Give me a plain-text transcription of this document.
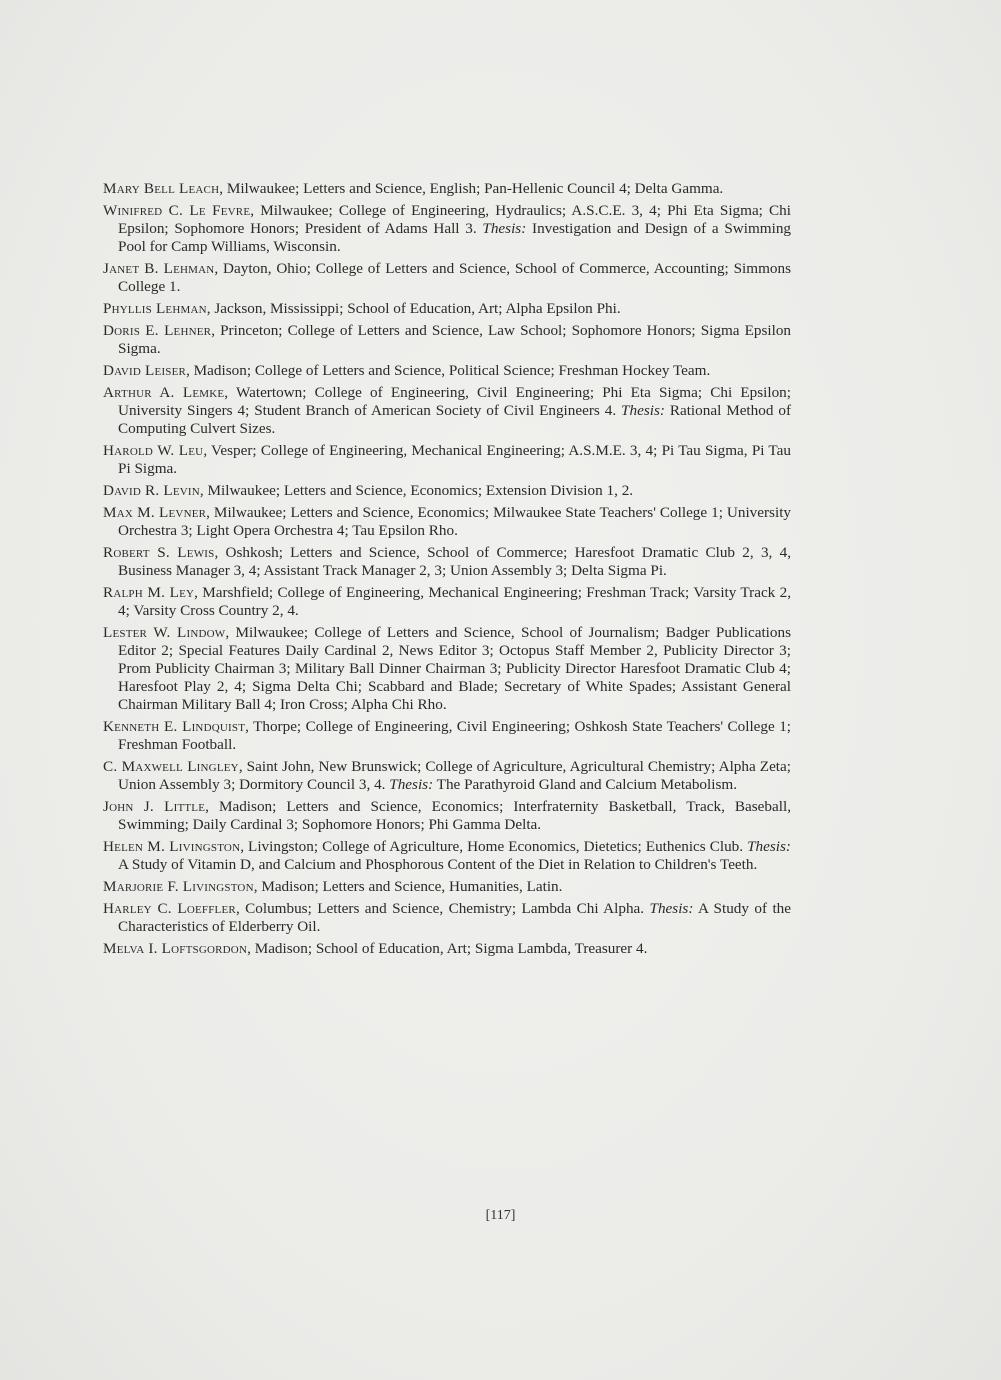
Mary Bell Leach, Milwaukee; Letters and Science, English; Pan-Hellenic Council 4; Delta Gamma.

Winifred C. Le Fevre, Milwaukee; College of Engineering, Hydraulics; A.S.C.E. 3, 4; Phi Eta Sigma; Chi Epsilon; Sophomore Honors; President of Adams Hall 3. Thesis: Investigation and Design of a Swimming Pool for Camp Williams, Wisconsin.

Janet B. Lehman, Dayton, Ohio; College of Letters and Science, School of Commerce, Accounting; Simmons College 1.

Phyllis Lehman, Jackson, Mississippi; School of Education, Art; Alpha Epsilon Phi.

Doris E. Lehner, Princeton; College of Letters and Science, Law School; Sophomore Honors; Sigma Epsilon Sigma.

David Leiser, Madison; College of Letters and Science, Political Science; Freshman Hockey Team.

Arthur A. Lemke, Watertown; College of Engineering, Civil Engineering; Phi Eta Sigma; Chi Epsilon; University Singers 4; Student Branch of American Society of Civil Engineers 4. Thesis: Rational Method of Computing Culvert Sizes.

Harold W. Leu, Vesper; College of Engineering, Mechanical Engineering; A.S.M.E. 3, 4; Pi Tau Sigma, Pi Tau Pi Sigma.

David R. Levin, Milwaukee; Letters and Science, Economics; Extension Division 1, 2.

Max M. Levner, Milwaukee; Letters and Science, Economics; Milwaukee State Teachers' College 1; University Orchestra 3; Light Opera Orchestra 4; Tau Epsilon Rho.

Robert S. Lewis, Oshkosh; Letters and Science, School of Commerce; Haresfoot Dramatic Club 2, 3, 4, Business Manager 3, 4; Assistant Track Manager 2, 3; Union Assembly 3; Delta Sigma Pi.

Ralph M. Ley, Marshfield; College of Engineering, Mechanical Engineering; Freshman Track; Varsity Track 2, 4; Varsity Cross Country 2, 4.

Lester W. Lindow, Milwaukee; College of Letters and Science, School of Journalism; Badger Publications Editor 2; Special Features Daily Cardinal 2, News Editor 3; Octopus Staff Member 2, Publicity Director 3; Prom Publicity Chairman 3; Military Ball Dinner Chairman 3; Publicity Director Haresfoot Dramatic Club 4; Haresfoot Play 2, 4; Sigma Delta Chi; Scabbard and Blade; Secretary of White Spades; Assistant General Chairman Military Ball 4; Iron Cross; Alpha Chi Rho.

Kenneth E. Lindquist, Thorpe; College of Engineering, Civil Engineering; Oshkosh State Teachers' College 1; Freshman Football.

C. Maxwell Lingley, Saint John, New Brunswick; College of Agriculture, Agricultural Chemistry; Alpha Zeta; Union Assembly 3; Dormitory Council 3, 4. Thesis: The Parathyroid Gland and Calcium Metabolism.

John J. Little, Madison; Letters and Science, Economics; Interfraternity Basketball, Track, Baseball, Swimming; Daily Cardinal 3; Sophomore Honors; Phi Gamma Delta.

Helen M. Livingston, Livingston; College of Agriculture, Home Economics, Dietetics; Euthenics Club. Thesis: A Study of Vitamin D, and Calcium and Phosphorous Content of the Diet in Relation to Children's Teeth.

Marjorie F. Livingston, Madison; Letters and Science, Humanities, Latin.

Harley C. Loeffler, Columbus; Letters and Science, Chemistry; Lambda Chi Alpha. Thesis: A Study of the Characteristics of Elderberry Oil.

Melva I. Loftsgordon, Madison; School of Education, Art; Sigma Lambda, Treasurer 4.

[117]
